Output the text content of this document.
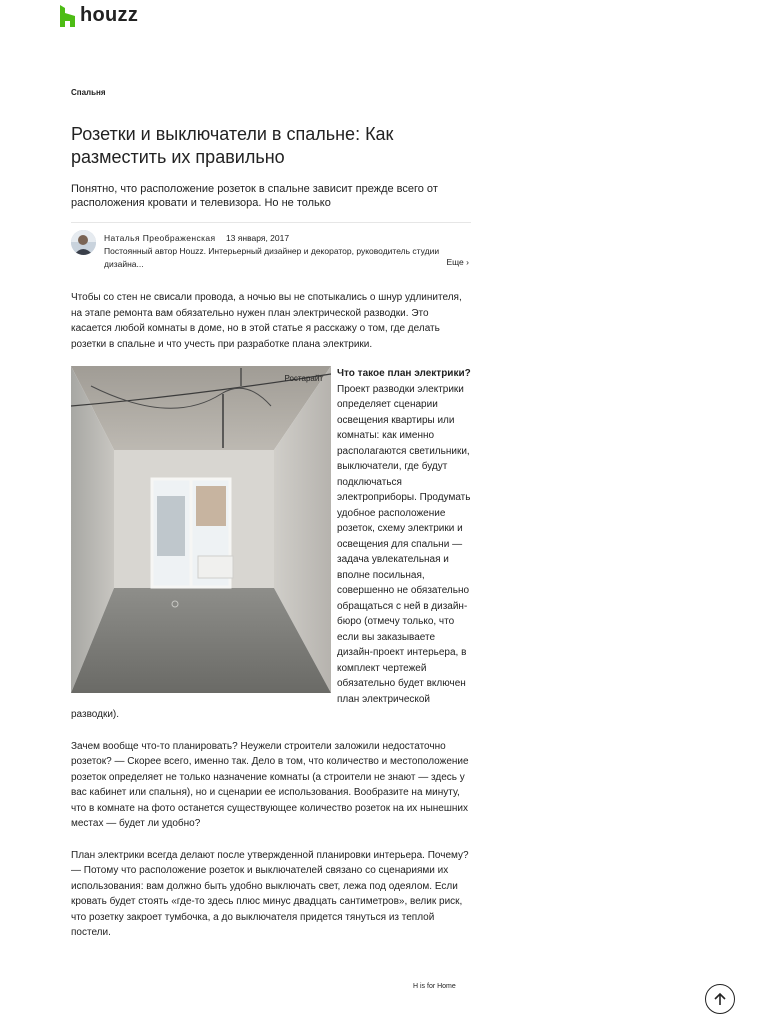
houzz
Спальня
Розетки и выключатели в спальне: Как разместить их правильно

Понятно, что расположение розеток в спальне зависит прежде всего от расположения кровати и телевизора. Но не только

Наталья Преображенская 13 января, 2017
Постоянный автор Houzz. Интерьерный дизайнер и декоратор, руководитель студии дизайна...	Еще ›

Чтобы со стен не свисали провода, а ночью вы не спотыкались о шнур удлинителя, на этапе ремонта вам обязательно нужен план электрической разводки. Это касается любой комнаты в доме, но в этой статье я расскажу о том, где делать розетки в спальне и что учесть при разработке плана электрики.

Ростарайт	Что такое план электрики?

Проект разводки электрики определяет сценарии освещения квартиры или комнаты: как именно располагаются светильники, выключатели, где будут подключаться электроприборы. Продумать удобное расположение розеток, схему электрики и освещения для спальни — задача увлекательная и вполне посильная, совершенно не обязательно обращаться с ней в дизайн-бюро (отмечу только, что если вы заказываете дизайн-проект интерьера, в комплект чертежей обязательно будет включен план электрической разводки).

Зачем вообще что-то планировать? Неужели строители заложили недостаточно розеток? — Скорее всего, именно так. Дело в том, что количество и местоположение розеток определяет не только назначение комнаты (а строители не знают — здесь у вас кабинет или спальня), но и сценарии ее использования. Вообразите на минуту, что в комнате на фото останется существующее количество розеток на их нынешних местах — будет ли удобно?

План электрики всегда делают после утвержденной планировки интерьера. Почему? — Потому что расположение розеток и выключателей связано со сценариями их использования: вам должно быть удобно выключать свет, лежа под одеялом. Если кровать будет стоять «где-то здесь плюс минус двадцать сантиметров», велик риск, что розетку закроет тумбочка, а до выключателя придется тянуться из теплой постели.

H is for Home
